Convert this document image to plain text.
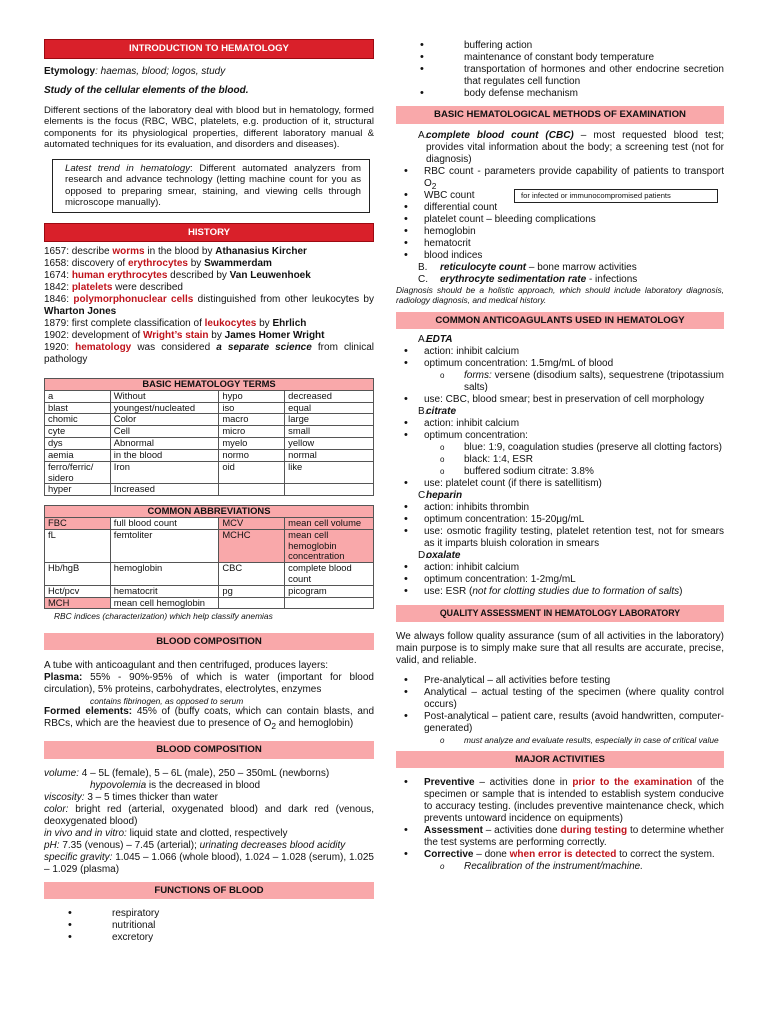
INTRODUCTION TO HEMATOLOGY

Etymology: haemas, blood; logos, study

Study of the cellular elements of the blood.

Different sections of the laboratory deal with blood but in hematology, formed elements is the focus (RBC, WBC, platelets, e.g. production of it, structural components for its physiological properties, different laboratory manual & automated techniques for its evaluation, and disorders and diseases).

Latest trend in hematology: Different automated analyzers from research and advance technology (letting machine count for you as opposed to preparing smear, staining, and viewing cells through microscope manually).
HISTORY

1657: describe worms in the blood by Athanasius Kircher

1658: discovery of erythrocytes by Swammerdam

1674: human erythrocytes described by Van Leuwenhoek

1842: platelets were described

1846: polymorphonuclear cells distinguished from other leukocytes by Wharton Jones

1879: first complete classification of leukocytes by Ehrlich

1902: development of Wright’s stain by James Homer Wright

1920: hematology was considered a separate science from clinical pathology

BASIC HEMATOLOGY TERMS			
a	Without	hypo	decreased
blast	youngest/nucleated	iso	equal
chomic	Color	macro	large
cyte	Cell	micro	small
dys	Abnormal	myelo	yellow
aemia	in the blood	normo	normal
ferro/ferric/ sidero	Iron	oid	like
hyper	Increased		
COMMON ABBREVIATIONS			
FBC	full blood count	MCV	mean cell volume
fL	femtoliter	MCHC	mean cell hemoglobin concentration
Hb/hgB	hemoglobin	CBC	complete blood count
Hct/pcv	hematocrit	pg	picogram
MCH	mean cell hemoglobin		

RBC indices (characterization) which help classify anemias

BLOOD COMPOSITION

A tube with anticoagulant and then centrifuged, produces layers:

Plasma: 55% - 90%-95% of which is water (important for blood circulation), 5% proteins, carbohydrates, electrolytes, enzymes

contains fibrinogen, as opposed to serum

Formed elements: 45% of (buffy coats, which can contain blasts, and RBCs, which are the heaviest due to presence of $O_2$ and hemoglobin)

BLOOD COMPOSITION

volume: 4 – 5L (female), 5 – 6L (male), 250 – 350mL (newborns)

hypovolemia is the decreased in blood

viscosity: 3 – 5 times thicker than water

color: bright red (arterial, oxygenated blood) and dark red (venous, deoxygenated blood)

in vivo and in vitro: liquid state and clotted, respectively

pH: 7.35 (venous) – 7.45 (arterial); urinating decreases blood acidity

specific gravity: 1.045 – 1.066 (whole blood), 1.024 – 1.028 (serum), 1.025 – 1.029 (plasma)

FUNCTIONS OF BLOOD
• respiratory
• nutritional
• excretory
• buffering action
• maintenance of constant body temperature
• transportation of hormones and other endocrine secretion that regulates cell function
• body defense mechanism
BASIC HEMATOLOGICAL METHODS OF EXAMINATION

A.
complete blood count (CBC) – most requested blood test; provides vital information about the body; a screening test (not for diagnosis)

• RBC count - parameters provide capability of patients to transport $O_2$
• WBC count	for infected or immunocompromised patients
• differential count
• platelet count – bleeding complications
• hemoglobin
• hematocrit
• blood indices

B. reticulocyte count – bone marrow activities

C. erythrocyte sedimentation rate - infections

Diagnosis should be a holistic approach, which should include laboratory diagnosis, radiology diagnosis, and medical history.

COMMON ANTICOAGULANTS USED IN HEMATOLOGY

A.
EDTA

• action: inhibit calcium
• optimum concentration: 1.5mg/mL of blood
o forms: versene (disodium salts), sequestrene (tripotassium salts)
• use: CBC, blood smear; best in preservation of cell morphology

B.
citrate

• action: inhibit calcium
• optimum concentration:
o blue: 1:9, coagulation studies (preserve all clotting factors)
o black: 1:4, ESR
o buffered sodium citrate: 3.8%
• use: platelet count (if there is satellitism)

C.
heparin

• action: inhibits thrombin
• optimum concentration: 15-20μg/mL
• use: osmotic fragility testing, platelet retention test, not for smears as it imparts bluish coloration in smears

D.
oxalate

• action: inhibit calcium
• optimum concentration: 1-2mg/mL
• use: ESR (not for clotting studies due to formation of salts)
QUALITY ASSESSMENT IN HEMATOLOGY LABORATORY

We always follow quality assurance (sum of all activities in the laboratory) main purpose is to simply make sure that all results are accurate, precise, valid, and reliable.

• Pre-analytical – all activities before testing
• Analytical – actual testing of the specimen (where quality control occurs)
• Post-analytical – patient care, results (avoid handwritten, computer-generated)
o must analyze and evaluate results, especially in case of critical value
MAJOR ACTIVITIES
• Preventive – activities done in prior to the examination of the specimen or sample that is intended to establish system conducive to accuracy testing. (includes preventive maintenance check, which prevents untoward incidence on equipments)
• Assessment – activities done during testing to determine whether the test systems are performing correctly.
• Corrective – done when error is detected to correct the system.
o Recalibration of the instrument/machine.
